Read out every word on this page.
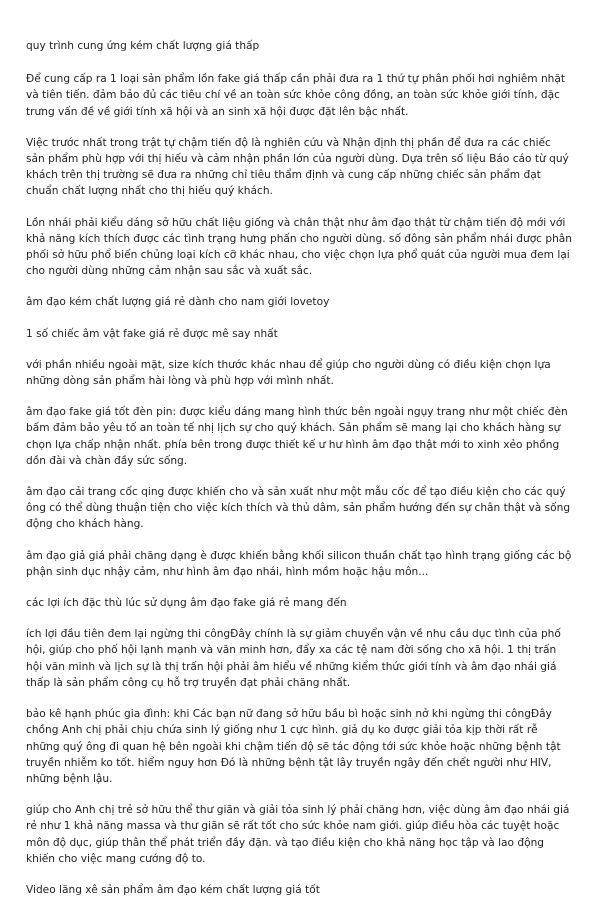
quy trình cung ứng kém chất lượng giá thấp

Để cung cấp ra 1 loại sản phẩm lồn fake giá thấp cần phải đưa ra 1 thứ tự phân phối hơi nghiêm nhặt và tiên tiến. đảm bảo đủ các tiêu chí về an toàn sức khỏe công đồng, an toàn sức khỏe giới tính, đặc trưng vấn đề về giới tính xã hội và an sinh xã hội được đặt lên bậc nhất.

Việc trước nhất trong trật tự chậm tiến độ là nghiên cứu và Nhận định thị phần để đưa ra các chiếc sản phẩm phù hợp với thị hiếu và cảm nhận phần lớn của người dùng. Dựa trên số liệu Báo cáo từ quý khách trên thị trường sẽ đưa ra những chỉ tiêu thẩm định và cung cấp những chiếc sản phẩm đạt chuẩn chất lượng nhất cho thị hiếu quý khách.

Lồn nhái phải kiểu dáng sở hữu chất liệu giống và chân thật như âm đạo thật từ chậm tiến độ mới với khả năng kích thích được các tình trạng hưng phấn cho người dùng. số đông sản phẩm nhái được phân phối sở hữu phổ biến chủng loại kích cỡ khác nhau, cho việc chọn lựa phổ quát của người mua đem lại cho người dùng những cảm nhận sau sắc và xuất sắc.

âm đạo kém chất lượng giá rẻ dành cho nam giới lovetoy

1 số chiếc âm vật fake giá rẻ được mê say nhất

với phần nhiều ngoài mặt, size kích thước khác nhau để giúp cho người dùng có điều kiện chọn lựa những dòng sản phẩm hài lòng và phù hợp với mình nhất.

âm đạo fake giá tốt đèn pin: được kiểu dáng mang hình thức bên ngoài ngụy trang như một chiếc đèn bấm đảm bảo yêu tố an toàn tế nhị lịch sự cho quý khách. Sản phẩm sẽ mang lại cho khách hàng sự chọn lựa chấp nhận nhất. phía bên trong được thiết kế ư hư hình âm đạo thật mới to xinh xẻo phồng dồn đài và chàn đầy sức sống.

âm đạo cải trang cốc qing được khiến cho và sản xuất như một mẫu cốc để tạo điều kiện cho các quý ông có thể dùng thuận tiện cho việc kích thích và thủ dâm, sản phẩm hướng đến sự chân thật và sống động cho khách hàng.

âm đạo giả giá phải chăng dạng è được khiến bằng khối silicon thuần chất tạo hình trạng giống các bộ phận sinh dục nhậy cảm, như hình âm đạo nhái, hình mồm hoặc hậu môn...

các lợi ích đặc thù lúc sử dụng âm đạo fake giá rẻ mang đến

ích lợi đầu tiên đem lại ngừng thi côngĐây chính là sự giảm chuyển vận về nhu cầu dục tình của phố hội, giúp cho phố hội lạnh mạnh và văn minh hơn, đẩy xa các tệ nam đời sống cho xã hội. 1 thị trấn hội văn minh và lịch sự là thị trấn hội phải âm hiểu về những kiểm thức giới tính và âm đạo nhái giá thấp là sản phẩm công cụ hỗ trợ truyền đạt phải chăng nhất.

bảo kê hạnh phúc gia đình: khi Các bạn nữ đang sở hữu bầu bì hoặc sinh nở khi ngừng thi côngĐây chồng Anh chị phải chịu chứa sinh lý giống như 1 cực hình. giả dụ ko được giải tỏa kịp thời rất rễ những quý ông đi quan hệ bên ngoài khi chậm tiến độ sẽ tác động tới sức khỏe hoặc những bệnh tật truyền nhiễm ko tốt. hiểm nguy hơn Đó là những bệnh tật lây truyền ngây đến chết người như HIV, những bệnh lậu.

giúp cho Anh chị trẻ sở hữu thể thư giãn và giải tỏa sinh lý phải chăng hơn, việc dùng âm đạo nhái giá rẻ như 1 khả năng massa và thư giãn sẽ rất tốt cho sức khỏe nam giới. giúp điều hòa các tuyệt hoặc môn độ dục, giúp thân thể phát triển đầy đặn. và tạo điều kiện cho khả năng học tập và lao động khiến cho việc mang cướng độ to.

Video lăng xê sản phẩm âm đạo kém chất lượng giá tốt
